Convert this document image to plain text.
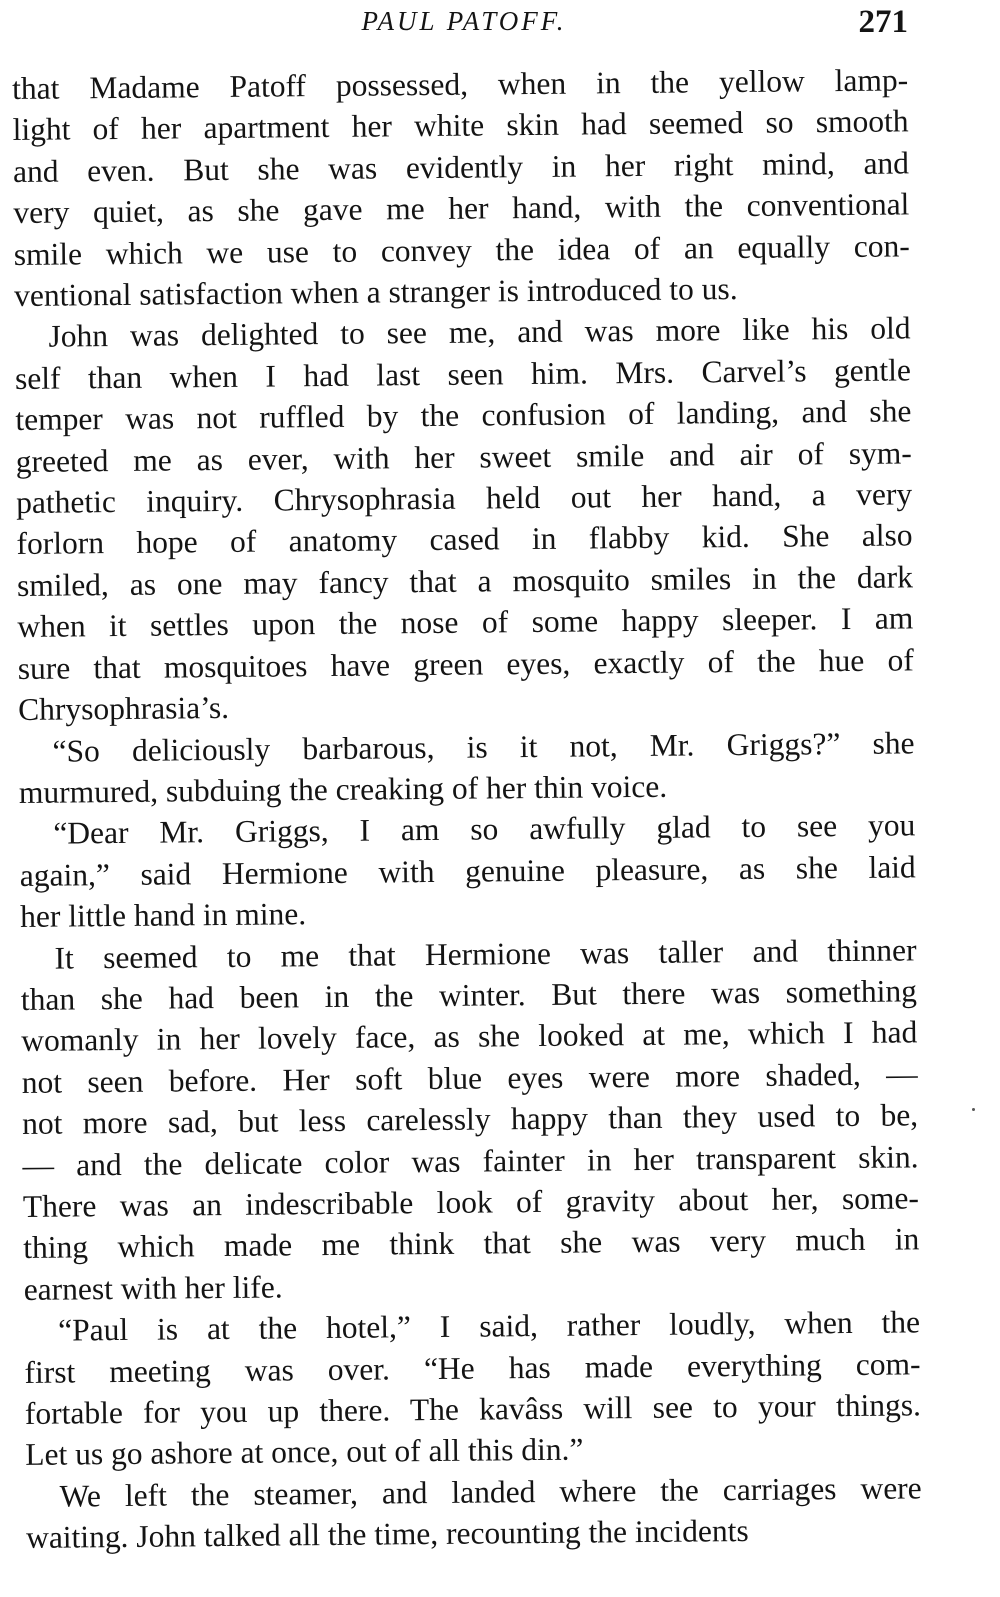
PAUL PATOFF.	271

that Madame Patoff possessed, when in the yellow lamp-
light of her apartment her white skin had seemed so smooth
and even. But she was evidently in her right mind, and
very quiet, as she gave me her hand, with the conventional
smile which we use to convey the idea of an equally con-
ventional satisfaction when a stranger is introduced to us.

John was delighted to see me, and was more like his old
self than when I had last seen him. Mrs. Carvel’s gentle
temper was not ruffled by the confusion of landing, and she
greeted me as ever, with her sweet smile and air of sym-
pathetic inquiry. Chrysophrasia held out her hand, a very
forlorn hope of anatomy cased in flabby kid. She also
smiled, as one may fancy that a mosquito smiles in the dark
when it settles upon the nose of some happy sleeper. I am
sure that mosquitoes have green eyes, exactly of the hue of
Chrysophrasia’s.

“So deliciously barbarous, is it not, Mr. Griggs?” she
murmured, subduing the creaking of her thin voice.

“Dear Mr. Griggs, I am so awfully glad to see you
again,” said Hermione with genuine pleasure, as she laid
her little hand in mine.

It seemed to me that Hermione was taller and thinner
than she had been in the winter. But there was something
womanly in her lovely face, as she looked at me, which I had
not seen before. Her soft blue eyes were more shaded, —
not more sad, but less carelessly happy than they used to be,
— and the delicate color was fainter in her transparent skin.
There was an indescribable look of gravity about her, some-
thing which made me think that she was very much in
earnest with her life.

“Paul is at the hotel,” I said, rather loudly, when the
first meeting was over. “He has made everything com-
fortable for you up there. The kavâss will see to your things.
Let us go ashore at once, out of all this din.”

We left the steamer, and landed where the carriages were
waiting. John talked all the time, recounting the incidents
